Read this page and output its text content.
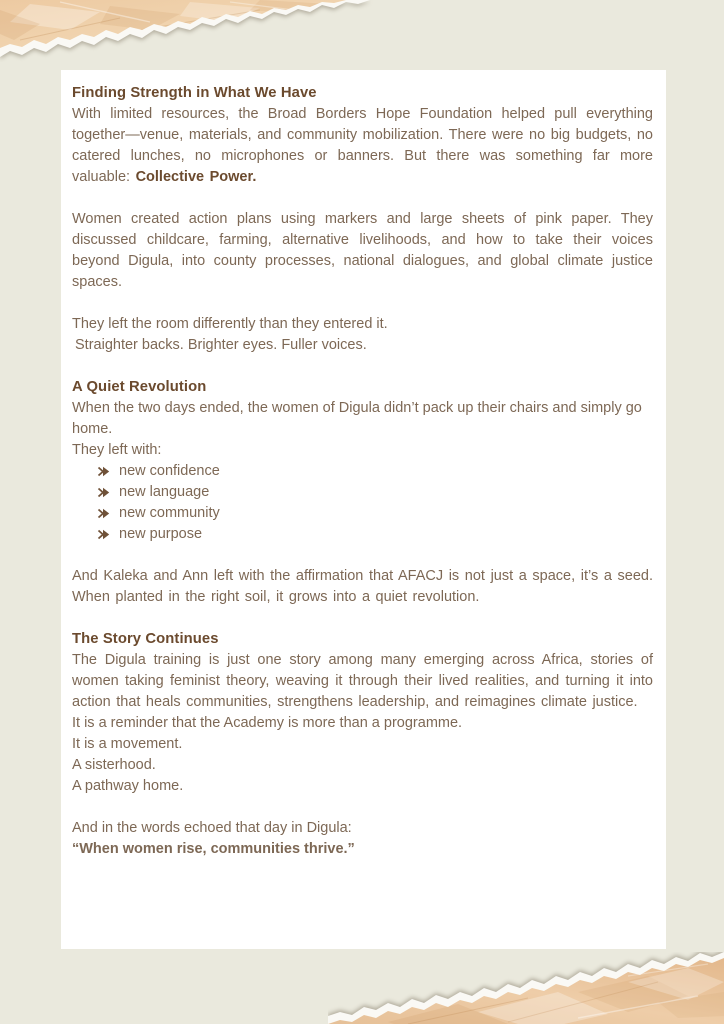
Finding Strength in What We Have

With limited resources, the Broad Borders Hope Foundation helped pull everything together—venue, materials, and community mobilization. There were no big budgets, no catered lunches, no microphones or banners. But there was something far more valuable: Collective Power.

Women created action plans using markers and large sheets of pink paper. They discussed childcare, farming, alternative livelihoods, and how to take their voices beyond Digula, into county processes, national dialogues, and global climate justice spaces.

They left the room differently than they entered it.
Straighter backs. Brighter eyes. Fuller voices.
A Quiet Revolution
When the two days ended, the women of Digula didn’t pack up their chairs and simply go home.
They left with:
new confidence
new language
new community
new purpose

And Kaleka and Ann left with the affirmation that AFACJ is not just a space, it’s a seed. When planted in the right soil, it grows into a quiet revolution.

The Story Continues

The Digula training is just one story among many emerging across Africa, stories of women taking feminist theory, weaving it through their lived realities, and turning it into action that heals communities, strengthens leadership, and reimagines climate justice.

It is a reminder that the Academy is more than a programme.
It is a movement.
A sisterhood.
A pathway home.
And in the words echoed that day in Digula:
“When women rise, communities thrive.”
